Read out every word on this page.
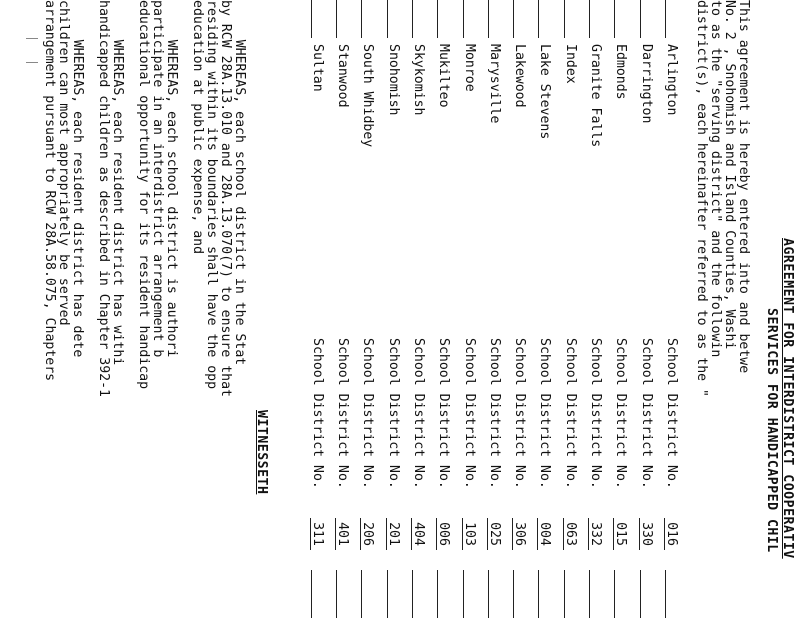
AGREEMENT FOR INTERDISTRICT COOPERATIV

SERVICES FOR HANDICAPPED CHIL

This agreement is hereby entered into and betwe

No. 2 , Snohomish and Island Counties, Washi

to as the "serving district" and the followin

district(s), each hereinafter referred to as the "

Arlington
School District No.
016
Darrington
School District No.
330
Edmonds
School District No.
015
Granite Falls
School District No.
332
Index
School District No.
063
Lake Stevens
School District No.
004
Lakewood
School District No.
306
Marysville
School District No.
025
Monroe
School District No.
103
Mukilteo
School District No.
006
Skykomish
School District No.
404
Snohomish
School District No.
201
South Whidbey
School District No.
206
Stanwood
School District No.
401
Sultan
School District No.
311

WITNESSETH

WHEREAS, each school district in the Stat

by RCW 28A.13.010 and 28A.13.070(7) to ensure that

residing within its boundaries shall have the opp

education at public expense, and

WHEREAS, each school district is authori

participate in an interdistrict arrangement b

educational opportunity for its resident handicap

WHEREAS, each resident district has withi

handicapped children as described in Chapter 392-1

WHEREAS, each resident district has dete

children can most appropriately be served

arrangement pursuant to RCW 28A.58.075, Chapters
